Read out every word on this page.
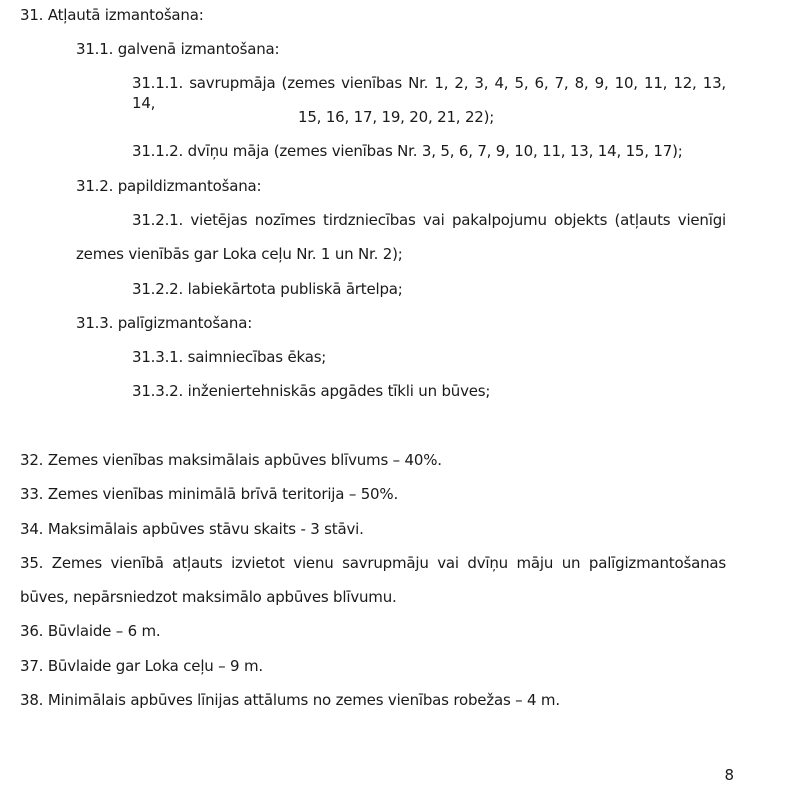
31. Atļautā izmantošana:
31.1. galvenā izmantošana:
31.1.1. savrupmāja (zemes vienības Nr. 1, 2, 3, 4, 5, 6, 7, 8, 9, 10, 11, 12, 13, 14,
15, 16, 17, 19, 20, 21, 22);
31.1.2. dvīņu māja (zemes vienības Nr. 3, 5, 6, 7, 9, 10, 11, 13, 14, 15, 17);
31.2. papildizmantošana:
31.2.1. vietējas nozīmes tirdzniecības vai pakalpojumu objekts (atļauts vienīgi
zemes vienībās gar Loka ceļu Nr. 1 un Nr. 2);
31.2.2. labiekārtota publiskā ārtelpa;
31.3. palīgizmantošana:
31.3.1. saimniecības ēkas;
31.3.2. inženiertehniskās apgādes tīkli un būves;
32. Zemes vienības maksimālais apbūves blīvums – 40%.
33. Zemes vienības minimālā brīvā teritorija – 50%.
34. Maksimālais apbūves stāvu skaits - 3 stāvi.
35. Zemes vienībā atļauts izvietot vienu savrupmāju vai dvīņu māju un palīgizmantošanas
būves, nepārsniedzot maksimālo apbūves blīvumu.
36. Būvlaide – 6 m.
37. Būvlaide gar Loka ceļu – 9 m.
38. Minimālais apbūves līnijas attālums no zemes vienības robežas – 4 m.
8
